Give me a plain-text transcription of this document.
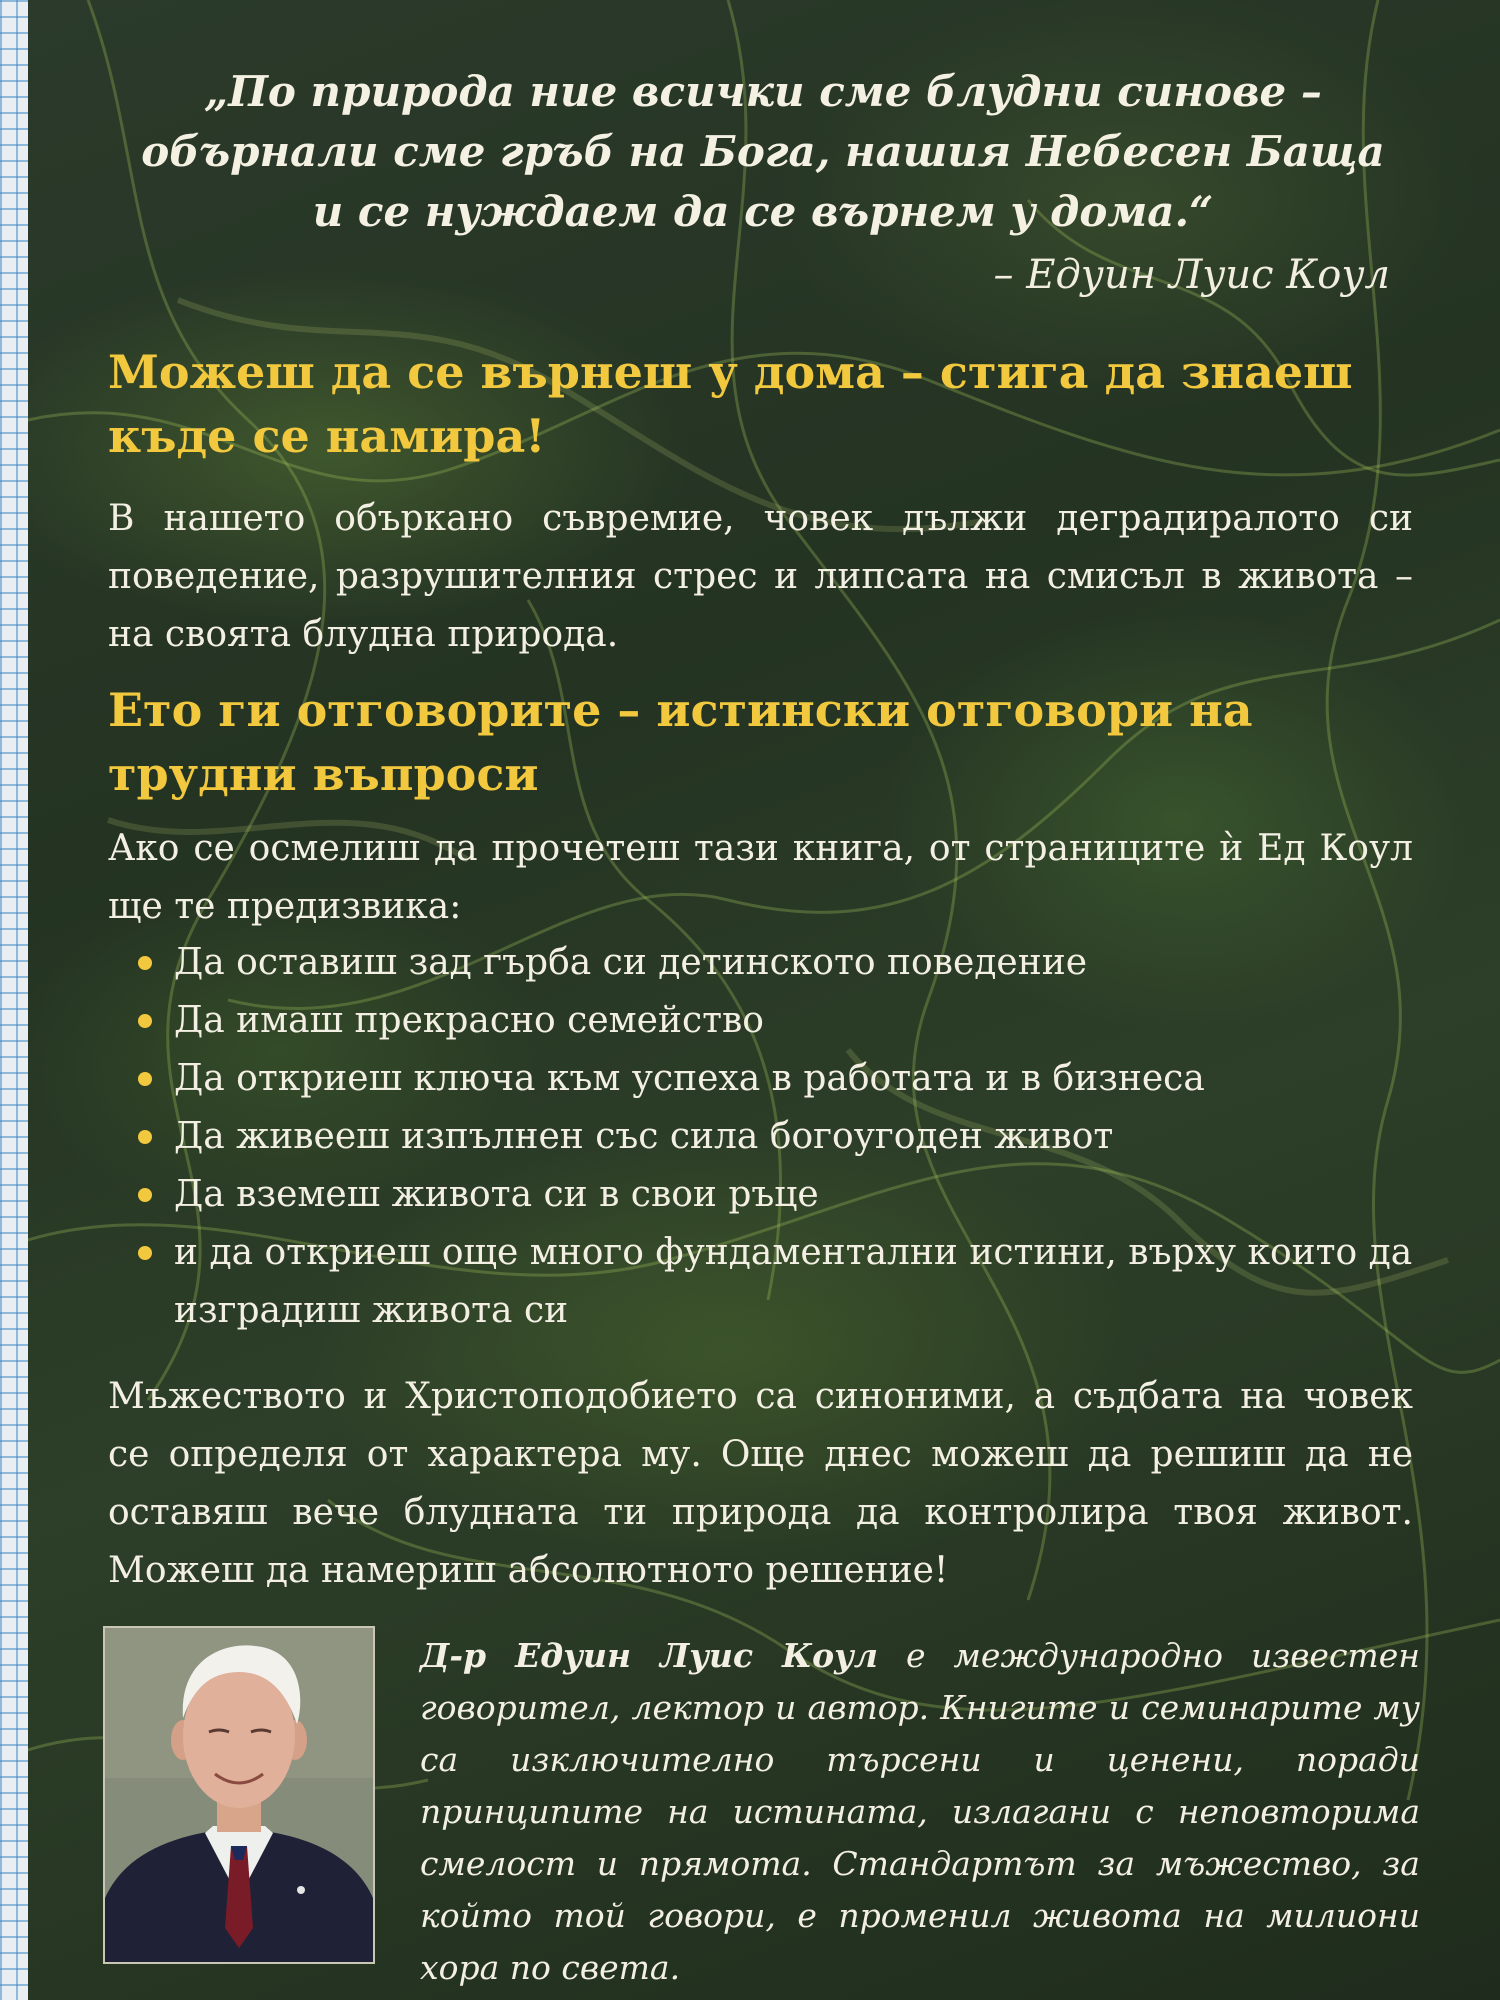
„По природа ние всички сме блудни синове –
обърнали сме гръб на Бога, нашия Небесен Баща
и се нуждаем да се върнем у дома.“

– Едуин Луис Коул

Можеш да се върнеш у дома – стига да знаеш къде се намира!

В нашето объркано съвремие, човек дължи деградиралото си поведение, разрушителния стрес и липсата на смисъл в живота – на своята блудна природа.

Ето ги отговорите – истински отговори на трудни въпроси

Ако се осмелиш да прочетеш тази книга, от страниците ѝ Ед Коул ще те предизвика:

Да оставиш зад гърба си детинското поведение
Да имаш прекрасно семейство
Да откриеш ключа към успеха в работата и в бизнеса
Да живееш изпълнен със сила богоугоден живот
Да вземеш живота си в свои ръце
и да откриеш още много фундаментални истини, върху които да изградиш живота си

Мъжеството и Христоподобието са синоними, а съдбата на човек се определя от характера му. Още днес можеш да решиш да не оставяш вече блудната ти природа да контролира твоя живот. Можеш да намериш абсолютното решение!

Д-р Едуин Луис Коул е международно известен говорител, лектор и автор. Книгите и семинарите му са изключително търсени и ценени, поради принципите на истината, излагани с неповторима смелост и прямота. Стандартът за мъжество, за който той говори, е променил живота на милиони хора по света.
